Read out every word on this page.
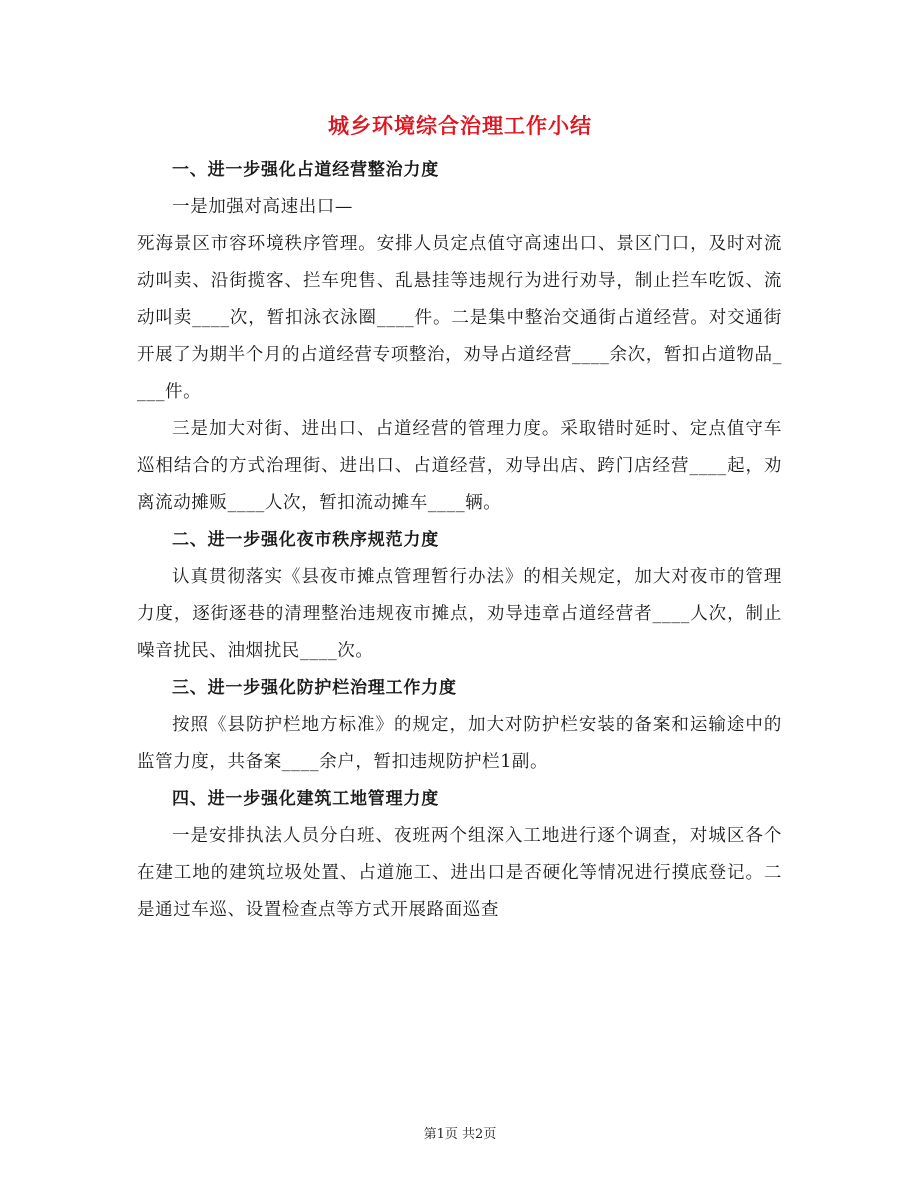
城乡环境综合治理工作小结

一、进一步强化占道经营整治力度

一是加强对高速出口—

死海景区市容环境秩序管理。安排人员定点值守高速出口、景区门口，及时对流动叫卖、沿街揽客、拦车兜售、乱悬挂等违规行为进行劝导，制止拦车吃饭、流动叫卖____次，暂扣泳衣泳圈____件。二是集中整治交通街占道经营。对交通街开展了为期半个月的占道经营专项整治，劝导占道经营____余次，暂扣占道物品____件。

三是加大对街、进出口、占道经营的管理力度。采取错时延时、定点值守车巡相结合的方式治理街、进出口、占道经营，劝导出店、跨门店经营____起，劝离流动摊贩____人次，暂扣流动摊车____辆。

二、进一步强化夜市秩序规范力度

认真贯彻落实《县夜市摊点管理暂行办法》的相关规定，加大对夜市的管理力度，逐街逐巷的清理整治违规夜市摊点，劝导违章占道经营者____人次，制止噪音扰民、油烟扰民____次。

三、进一步强化防护栏治理工作力度

按照《县防护栏地方标准》的规定，加大对防护栏安装的备案和运输途中的监管力度，共备案____余户，暂扣违规防护栏1副。

四、进一步强化建筑工地管理力度

一是安排执法人员分白班、夜班两个组深入工地进行逐个调查，对城区各个在建工地的建筑垃圾处置、占道施工、进出口是否硬化等情况进行摸底登记。二是通过车巡、设置检查点等方式开展路面巡查

第1页 共2页
